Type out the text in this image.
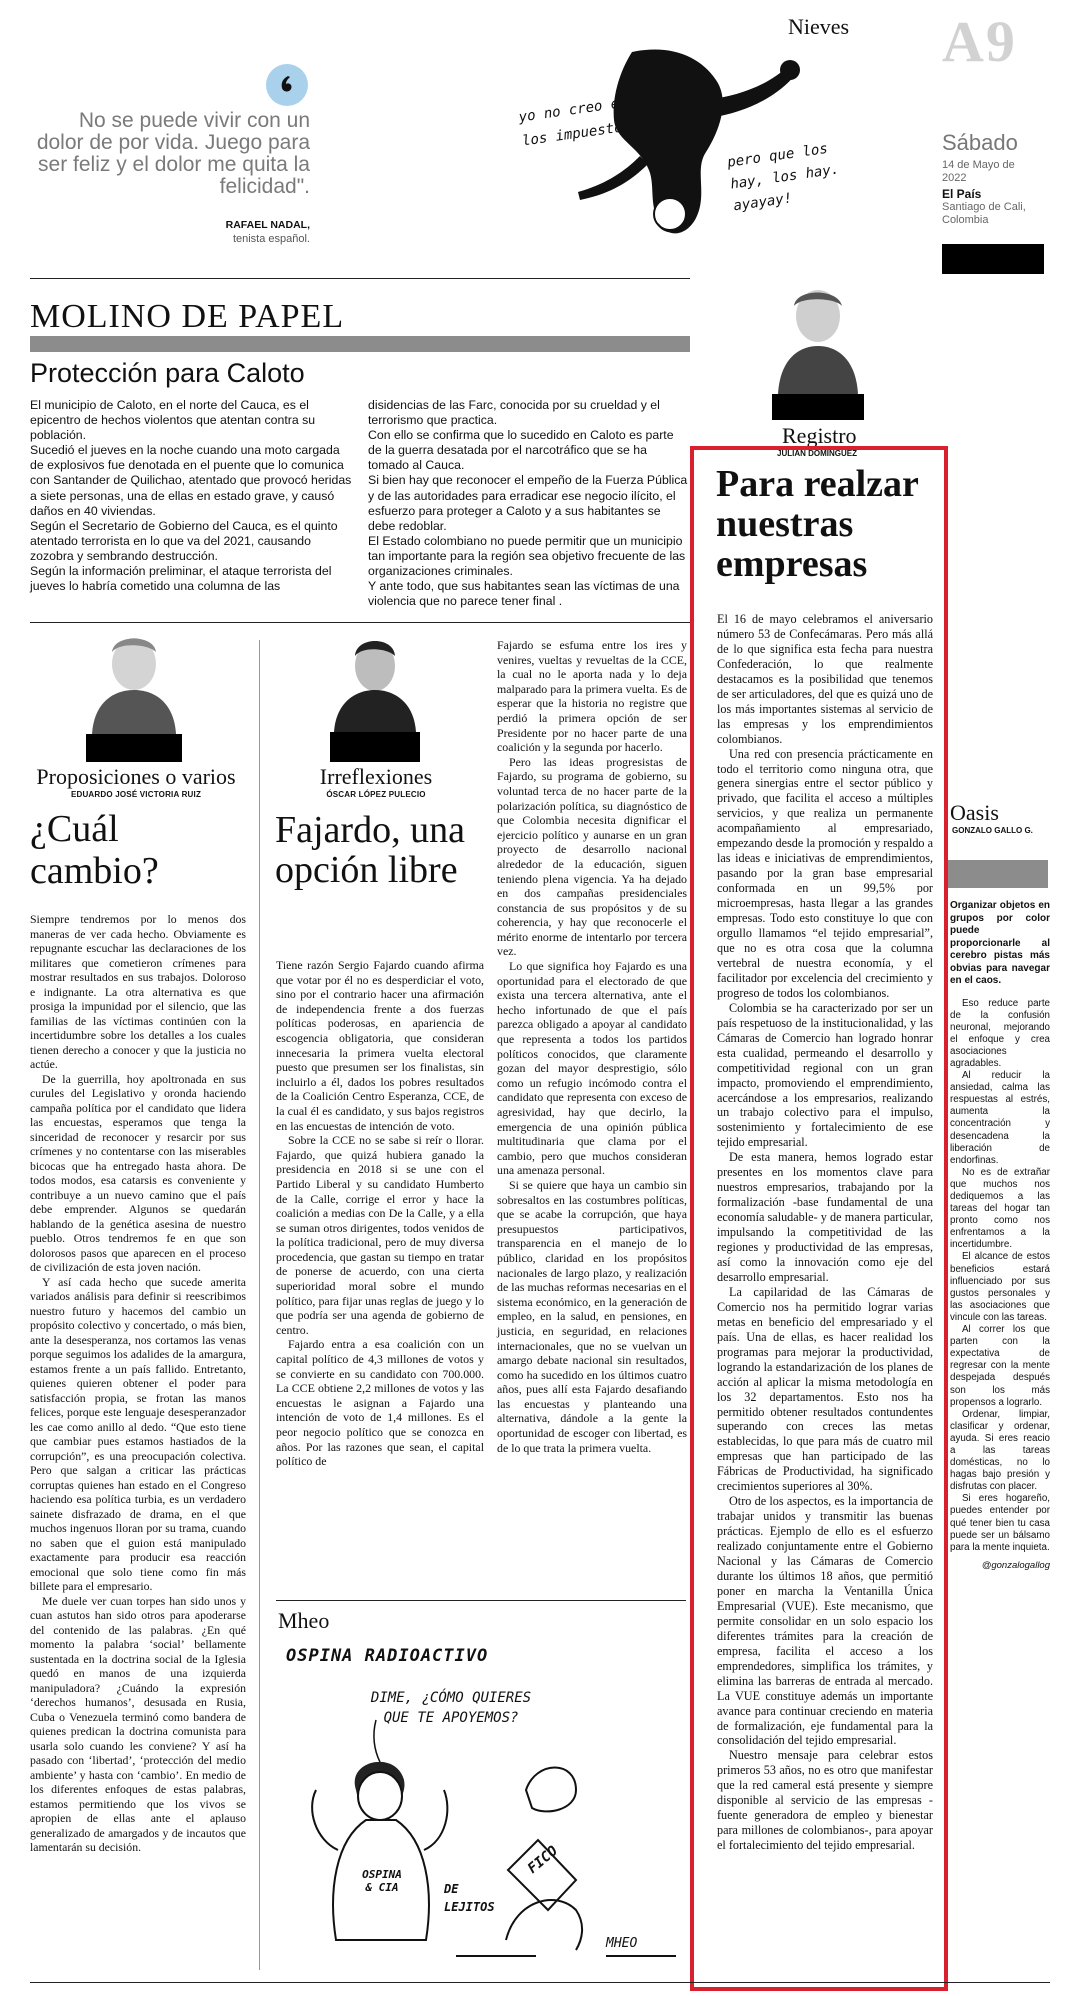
Nieves A9
Sábado
14 de Mayo de 2022
El País
Santiago de Cali, Colombia
No se puede vivir con un dolor de por vida. Juego para ser feliz y el dolor me quita la felicidad".
RAFAEL NADAL,
tenista español.
yo no creo en los impuestos
pero que los hay, los hay. ayayay!
MOLINO DE PAPEL
Protección para Caloto
El municipio de Caloto, en el norte del Cauca, es el epicentro de hechos violentos que atentan contra su población.
Sucedió el jueves en la noche cuando una moto cargada de explosivos fue denotada en el puente que lo comunica con Santander de Quilichao, atentado que provocó heridas a siete personas, una de ellas en estado grave, y causó daños en 40 viviendas.
Según el Secretario de Gobierno del Cauca, es el quinto atentado terrorista en lo que va del 2021, causando zozobra y sembrando destrucción.
Según la información preliminar, el ataque terrorista del jueves lo habría cometido una columna de las
disidencias de las Farc, conocida por su crueldad y el terrorismo que practica.
Con ello se confirma que lo sucedido en Caloto es parte de la guerra desatada por el narcotráfico que se ha tomado al Cauca.
Si bien hay que reconocer el empeño de la Fuerza Pública y de las autoridades para erradicar ese negocio ilícito, el esfuerzo para proteger a Caloto y a sus habitantes se debe redoblar.
El Estado colombiano no puede permitir que un municipio tan importante para la región sea objetivo frecuente de las organizaciones criminales.
Y ante todo, que sus habitantes sean las víctimas de una violencia que no parece tener final .
Registro
JULIÁN DOMÍNGUEZ
Para realzar nuestras empresas

El 16 de mayo celebramos el aniversario número 53 de Confecámaras. Pero más allá de lo que significa esta fecha para nuestra Confederación, lo que realmente destacamos es la posibilidad que tenemos de ser articuladores, del que es quizá uno de los más importantes sistemas al servicio de las empresas y los emprendimientos colombianos.

Una red con presencia prácticamente en todo el territorio como ninguna otra, que genera sinergias entre el sector público y privado, que facilita el acceso a múltiples servicios, y que realiza un permanente acompañamiento al empresariado, empezando desde la promoción y respaldo a las ideas e iniciativas de emprendimientos, pasando por la gran base empresarial conformada en un 99,5% por microempresas, hasta llegar a las grandes empresas. Todo esto constituye lo que con orgullo llamamos “el tejido empresarial”, que no es otra cosa que la columna vertebral de nuestra economía, y el facilitador por excelencia del crecimiento y progreso de todos los colombianos.

Colombia se ha caracterizado por ser un país respetuoso de la institucionalidad, y las Cámaras de Comercio han logrado honrar esta cualidad, permeando el desarrollo y competitividad regional con un gran impacto, promoviendo el emprendimiento, acercándose a los empresarios, realizando un trabajo colectivo para el impulso, sostenimiento y fortalecimiento de ese tejido empresarial.

De esta manera, hemos logrado estar presentes en los momentos clave para nuestros empresarios, trabajando por la formalización -base fundamental de una economía saludable- y de manera particular, impulsando la competitividad de las regiones y productividad de las empresas, así como la innovación como eje del desarrollo empresarial.

La capilaridad de las Cámaras de Comercio nos ha permitido lograr varias metas en beneficio del empresariado y el país. Una de ellas, es hacer realidad los programas para mejorar la productividad, logrando la estandarización de los planes de acción al aplicar la misma metodología en los 32 departamentos. Esto nos ha permitido obtener resultados contundentes superando con creces las metas establecidas, lo que para más de cuatro mil empresas que han participado de las Fábricas de Productividad, ha significado crecimientos superiores al 30%.

Otro de los aspectos, es la importancia de trabajar unidos y transmitir las buenas prácticas. Ejemplo de ello es el esfuerzo realizado conjuntamente entre el Gobierno Nacional y las Cámaras de Comercio durante los últimos 18 años, que permitió poner en marcha la Ventanilla Única Empresarial (VUE). Este mecanismo, que permite consolidar en un solo espacio los diferentes trámites para la creación de empresa, facilita el acceso a los emprendedores, simplifica los trámites, y elimina las barreras de entrada al mercado. La VUE constituye además un importante avance para continuar creciendo en materia de formalización, eje fundamental para la consolidación del tejido empresarial.

Nuestro mensaje para celebrar estos primeros 53 años, no es otro que manifestar que la red cameral está presente y siempre disponible al servicio de las empresas -fuente generadora de empleo y bienestar para millones de colombianos-, para apoyar el fortalecimiento del tejido empresarial.

Proposiciones o varios
EDUARDO JOSÉ VICTORIA RUIZ
¿Cuál cambio?

Siempre tendremos por lo menos dos maneras de ver cada hecho. Obviamente es repugnante escuchar las declaraciones de los militares que cometieron crímenes para mostrar resultados en sus trabajos. Doloroso e indignante. La otra alternativa es que prosiga la impunidad por el silencio, que las familias de las víctimas continúen con la incertidumbre sobre los detalles a los cuales tienen derecho a conocer y que la justicia no actúe.

De la guerrilla, hoy apoltronada en sus curules del Legislativo y oronda haciendo campaña política por el candidato que lidera las encuestas, esperamos que tenga la sinceridad de reconocer y resarcir por sus crímenes y no contentarse con las miserables bicocas que ha entregado hasta ahora. De todos modos, esa catarsis es conveniente y contribuye a un nuevo camino que el país debe emprender. Algunos se quedarán hablando de la genética asesina de nuestro pueblo. Otros tendremos fe en que son dolorosos pasos que aparecen en el proceso de civilización de esta joven nación.

Y así cada hecho que sucede amerita variados análisis para definir si reescribimos nuestro futuro y hacemos del cambio un propósito colectivo y concertado, o más bien, ante la desesperanza, nos cortamos las venas porque seguimos los adalides de la amargura, estamos frente a un país fallido. Entretanto, quienes quieren obtener el poder para satisfacción propia, se frotan las manos felices, porque este lenguaje desesperanzador les cae como anillo al dedo. “Que esto tiene que cambiar pues estamos hastiados de la corrupción”, es una preocupación colectiva. Pero que salgan a criticar las prácticas corruptas quienes han estado en el Congreso haciendo esa política turbia, es un verdadero sainete disfrazado de drama, en el que muchos ingenuos lloran por su trama, cuando no saben que el guion está manipulado exactamente para producir esa reacción emocional que solo tiene como fin más billete para el empresario.

Me duele ver cuan torpes han sido unos y cuan astutos han sido otros para apoderarse del contenido de las palabras. ¿En qué momento la palabra ‘social’ bellamente sustentada en la doctrina social de la Iglesia quedó en manos de una izquierda manipuladora? ¿Cuándo la expresión ‘derechos humanos’, desusada en Rusia, Cuba o Venezuela terminó como bandera de quienes predican la doctrina comunista para usarla solo cuando les conviene? Y así ha pasado con ‘libertad’, ‘protección del medio ambiente’ y hasta con ‘cambio’. En medio de los diferentes enfoques de estas palabras, estamos permitiendo que los vivos se apropien de ellas ante el aplauso generalizado de amargados y de incautos que lamentarán su decisión.

Irreflexiones
ÓSCAR LÓPEZ PULECIO
Fajardo, una opción libre

Tiene razón Sergio Fajardo cuando afirma que votar por él no es desperdiciar el voto, sino por el contrario hacer una afirmación de independencia frente a dos fuerzas políticas poderosas, en apariencia de escogencia obligatoria, que consideran innecesaria la primera vuelta electoral puesto que presumen ser los finalistas, sin incluirlo a él, dados los pobres resultados de la Coalición Centro Esperanza, CCE, de la cual él es candidato, y sus bajos registros en las encuestas de intención de voto.

Sobre la CCE no se sabe si reír o llorar. Fajardo, que quizá hubiera ganado la presidencia en 2018 si se une con el Partido Liberal y su candidato Humberto de la Calle, corrige el error y hace la coalición a medias con De la Calle, y a ella se suman otros dirigentes, todos venidos de la política tradicional, pero de muy diversa procedencia, que gastan su tiempo en tratar de ponerse de acuerdo, con una cierta superioridad moral sobre el mundo político, para fijar unas reglas de juego y lo que podría ser una agenda de gobierno de centro.

Fajardo entra a esa coalición con un capital político de 4,3 millones de votos y se convierte en su candidato con 700.000. La CCE obtiene 2,2 millones de votos y las encuestas le asignan a Fajardo una intención de voto de 1,4 millones. Es el peor negocio político que se conozca en años. Por las razones que sean, el capital político de

Fajardo se esfuma entre los ires y venires, vueltas y revueltas de la CCE, la cual no le aporta nada y lo deja malparado para la primera vuelta. Es de esperar que la historia no registre que perdió la primera opción de ser Presidente por no hacer parte de una coalición y la segunda por hacerlo.

Pero las ideas progresistas de Fajardo, su programa de gobierno, su voluntad terca de no hacer parte de la polarización política, su diagnóstico de que Colombia necesita dignificar el ejercicio político y aunarse en un gran proyecto de desarrollo nacional alrededor de la educación, siguen teniendo plena vigencia. Ya ha dejado en dos campañas presidenciales constancia de sus propósitos y de su coherencia, y hay que reconocerle el mérito enorme de intentarlo por tercera vez.

Lo que significa hoy Fajardo es una oportunidad para el electorado de que exista una tercera alternativa, ante el hecho infortunado de que el país parezca obligado a apoyar al candidato que representa a todos los partidos políticos conocidos, que claramente gozan del mayor desprestigio, sólo como un refugio incómodo contra el candidato que representa con exceso de agresividad, hay que decirlo, la emergencia de una opinión pública multitudinaria que clama por el cambio, pero que muchos consideran una amenaza personal.

Si se quiere que haya un cambio sin sobresaltos en las costumbres políticas, que se acabe la corrupción, que haya presupuestos participativos, transparencia en el manejo de lo público, claridad en los propósitos nacionales de largo plazo, y realización de las muchas reformas necesarias en el sistema económico, en la generación de empleo, en la salud, en pensiones, en justicia, en seguridad, en relaciones internacionales, que no se vuelvan un amargo debate nacional sin resultados, como ha sucedido en los últimos cuatro años, pues allí esta Fajardo desafiando las encuestas y planteando una alternativa, dándole a la gente la oportunidad de escoger con libertad, es de lo que trata la primera vuelta.

Mheo
OSPINA RADIOACTIVO
DIME, ¿CÓMO QUIERES QUE TE APOYEMOS?
OSPINA & CIA	DE LEJITOS
FICO
MHEO
Oasis
GONZALO GALLO G.
Organizar objetos en grupos por color puede proporcionarle al cerebro pistas más obvias para navegar en el caos.

Eso reduce parte de la confusión neuronal, mejorando el enfoque y crea asociaciones agradables.

Al reducir la ansiedad, calma las respuestas al estrés, aumenta la concentración y desencadena la liberación de endorfinas.

No es de extrañar que muchos nos dediquemos a las tareas del hogar tan pronto como nos enfrentamos a la incertidumbre.

El alcance de estos beneficios estará influenciado por sus gustos personales y las asociaciones que vincule con las tareas.

Al correr los que parten con la expectativa de regresar con la mente despejada después son los más propensos a lograrlo.

Ordenar, limpiar, clasificar y ordenar, ayuda. Si eres reacio a las tareas domésticas, no lo hagas bajo presión y disfrutas con placer.

Si eres hogareño, puedes entender por qué tener bien tu casa puede ser un bálsamo para la mente inquieta.

@gonzalogallog
